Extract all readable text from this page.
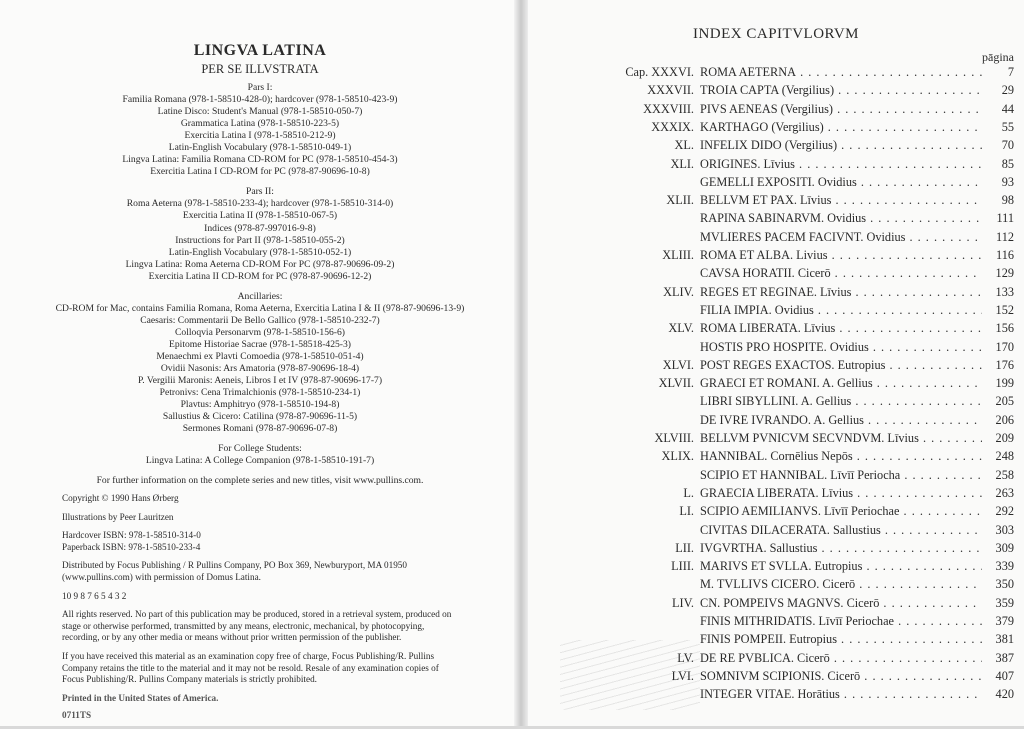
LINGVA LATINA
PER SE ILLVSTRATA
Pars I:
Familia Romana (978-1-58510-428-0); hardcover (978-1-58510-423-9)
Latine Disco: Student's Manual (978-1-58510-050-7)
Grammatica Latina (978-1-58510-223-5)
Exercitia Latina I (978-1-58510-212-9)
Latin-English Vocabulary (978-1-58510-049-1)
Lingva Latina: Familia Romana CD-ROM for PC (978-1-58510-454-3)
Exercitia Latina I CD-ROM for PC (978-87-90696-10-8)
Pars II:
Roma Aeterna (978-1-58510-233-4); hardcover (978-1-58510-314-0)
Exercitia Latina II (978-1-58510-067-5)
Indices (978-87-997016-9-8)
Instructions for Part II (978-1-58510-055-2)
Latin-English Vocabulary (978-1-58510-052-1)
Lingva Latina: Roma Aeterna CD-ROM For PC (978-87-90696-09-2)
Exercitia Latina II CD-ROM for PC (978-87-90696-12-2)
Ancillaries:
CD-ROM for Mac, contains Familia Romana, Roma Aeterna, Exercitia Latina I & II (978-87-90696-13-9)
Caesaris: Commentarii De Bello Gallico (978-1-58510-232-7)
Colloqvia Personarvm (978-1-58510-156-6)
Epitome Historiae Sacrae (978-1-58518-425-3)
Menaechmi ex Plavti Comoedia (978-1-58510-051-4)
Ovidii Nasonis: Ars Amatoria (978-87-90696-18-4)
P. Vergilii Maronis: Aeneis, Libros I et IV (978-87-90696-17-7)
Petronivs: Cena Trimalchionis (978-1-58510-234-1)
Plavtus: Amphitryo (978-1-58510-194-8)
Sallustius & Cicero: Catilina (978-87-90696-11-5)
Sermones Romani (978-87-90696-07-8)
For College Students:
Lingva Latina: A College Companion (978-1-58510-191-7)
For further information on the complete series and new titles, visit www.pullins.com.

Copyright © 1990 Hans Ørberg

Illustrations by Peer Lauritzen

Hardcover ISBN: 978-1-58510-314-0

Paperback ISBN: 978-1-58510-233-4

Distributed by Focus Publishing / R Pullins Company, PO Box 369, Newburyport, MA 01950 (www.pullins.com) with permission of Domus Latina.

10 9 8 7 6 5 4 3 2

All rights reserved. No part of this publication may be produced, stored in a retrieval system, produced on stage or otherwise performed, transmitted by any means, electronic, mechanical, by photocopying, recording, or by any other media or means without prior written permission of the publisher.

If you have received this material as an examination copy free of charge, Focus Publishing/R. Pullins Company retains the title to the material and it may not be resold. Resale of any examination copies of Focus Publishing/R. Pullins Company materials is strictly prohibited.

Printed in the United States of America.

0711TS

INDEX CAPITVLORVM
pāgina
Cap. XXXVI. ROMA AETERNA . . .	7
XXXVII. TROIA CAPTA (Vergilius) . . .	29
XXXVIII. PIVS AENEAS (Vergilius) . . .	44
XXXIX. KARTHAGO (Vergilius) . . .	55
XL. INFELIX DIDO (Vergilius) . . .	70
XLI. ORIGINES. Līvius . . .	85
GEMELLI EXPOSITI. Ovidius . . .	93
XLII. BELLVM ET PAX. Līvius . . .	98
RAPINA SABINARVM. Ovidius . . .	111
MVLIERES PACEM FACIVNT. Ovidius . . .	112
XLIII. ROMA ET ALBA. Livius . . .	116
CAVSA HORATII. Cicerō . . .	129
XLIV. REGES ET REGINAE. Līvius . . .	133
FILIA IMPIA. Ovidius . . .	152
XLV. ROMA LIBERATA. Līvius . . .	156
HOSTIS PRO HOSPITE. Ovidius . . .	170
XLVI. POST REGES EXACTOS. Eutropius . . .	176
XLVII. GRAECI ET ROMANI. A. Gellius . . .	199
LIBRI SIBYLLINI. A. Gellius . . .	205
DE IVRE IVRANDO. A. Gellius . . .	206
XLVIII. BELLVM PVNICVM SECVNDVM. Līvius . . .	209
XLIX. HANNIBAL. Cornēlius Nepōs . . .	248
SCIPIO ET HANNIBAL. Līvīī Periocha . . .	258
L. GRAECIA LIBERATA. Līvius . . .	263
LI. SCIPIO AEMILIANVS. Līvīī Periochae . . .	292
CIVITAS DILACERATA. Sallustius . . .	303
LII. IVGVRTHA. Sallustius . . .	309
LIII. MARIVS ET SVLLA. Eutropius . . .	339
M. TVLLIVS CICERO. Cicerō . . .	350
LIV. CN. POMPEIVS MAGNVS. Cicerō . . .	359
FINIS MITHRIDATIS. Līvīī Periochae . . .	379
FINIS POMPEII. Eutropius . . .	381
LV. DE RE PVBLICA. Cicerō . . .	387
LVI. SOMNIVM SCIPIONIS. Cicerō . . .	407
INTEGER VITAE. Horātius . . .	420
